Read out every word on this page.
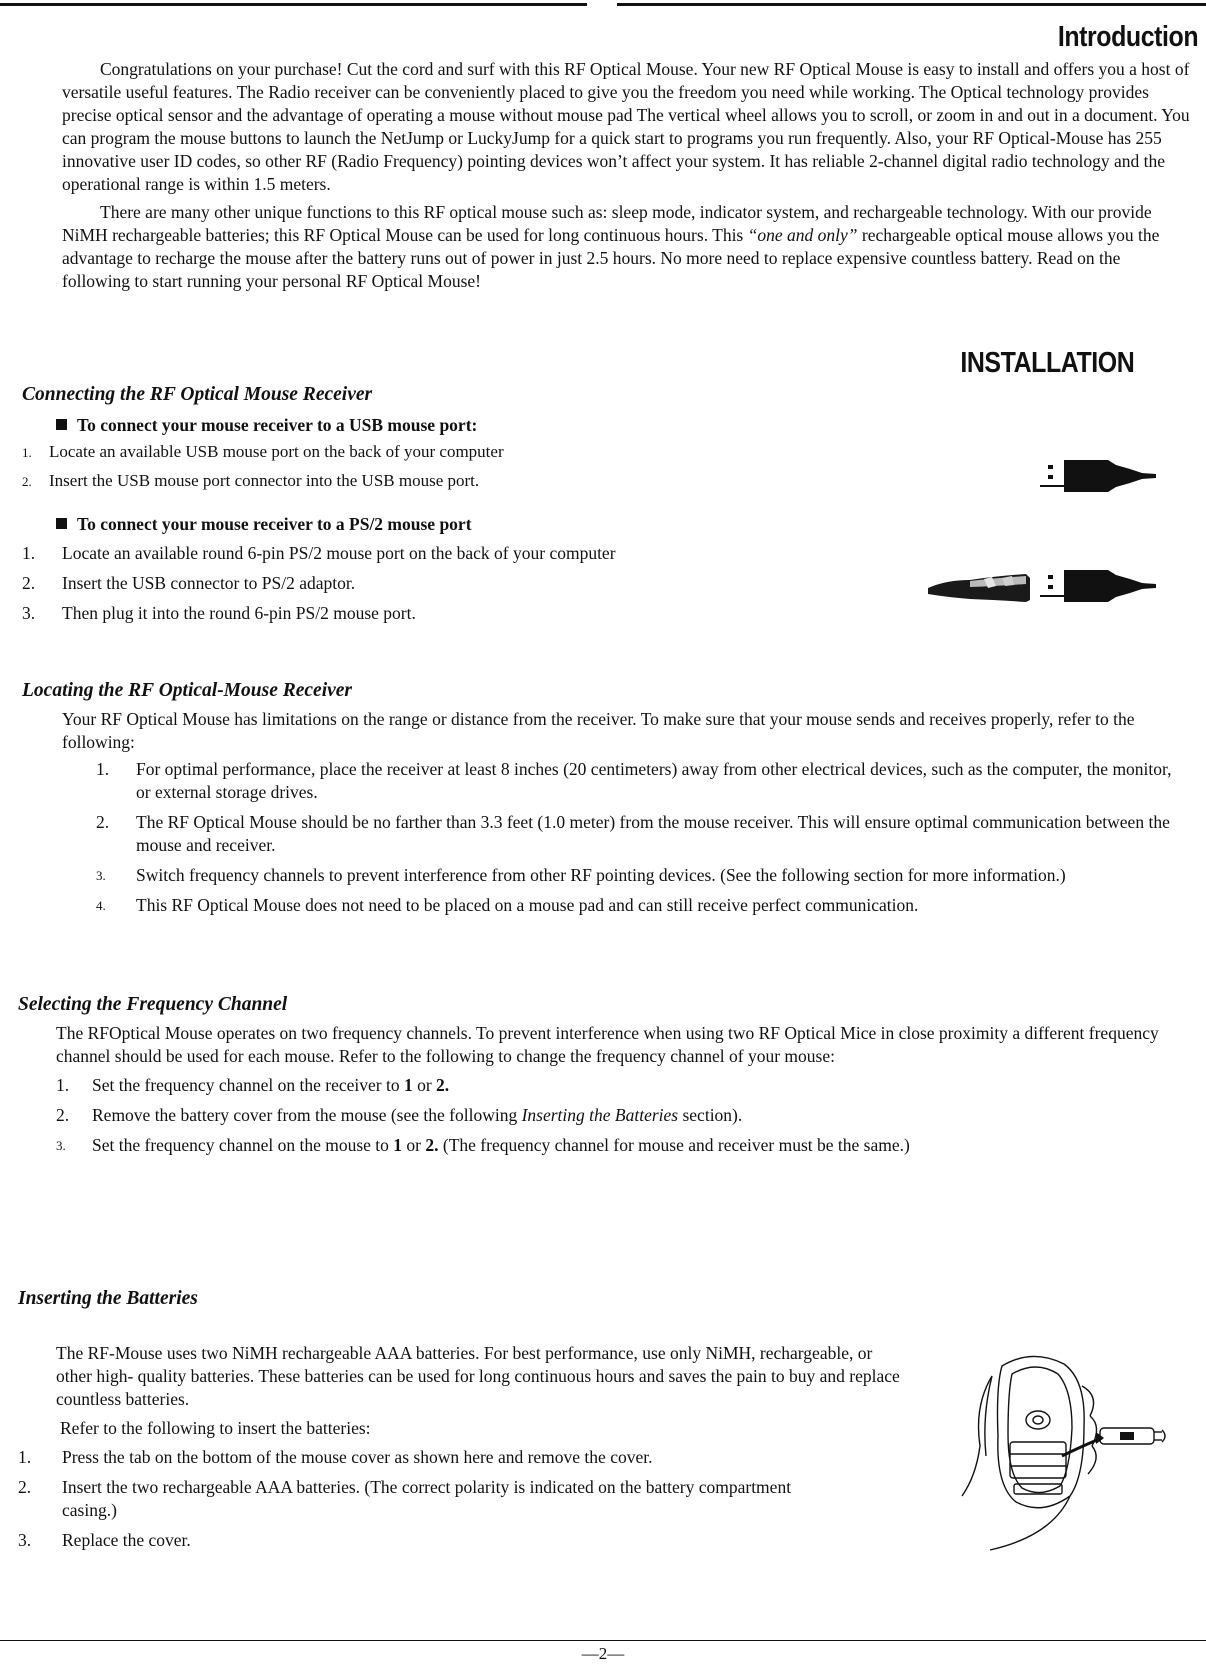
Introduction

Congratulations on your purchase! Cut the cord and surf with this RF Optical Mouse. Your new RF Optical Mouse is easy to install and offers you a host of versatile useful features. The Radio receiver can be conveniently placed to give you the freedom you need while working. The Optical technology provides precise optical sensor and the advantage of operating a mouse without mouse pad The vertical wheel allows you to scroll, or zoom in and out in a document. You can program the mouse buttons to launch the NetJump or LuckyJump for a quick start to programs you run frequently. Also, your RF Optical-Mouse has 255 innovative user ID codes, so other RF (Radio Frequency) pointing devices won’t affect your system. It has reliable 2-channel digital radio technology and the operational range is within 1.5 meters.

There are many other unique functions to this RF optical mouse such as: sleep mode, indicator system, and rechargeable technology. With our provide NiMH rechargeable batteries; this RF Optical Mouse can be used for long continuous hours. This “one and only” rechargeable optical mouse allows you the advantage to recharge the mouse after the battery runs out of power in just 2.5 hours. No more need to replace expensive countless battery. Read on the following to start running your personal RF Optical Mouse!

INSTALLATION

Connecting the RF Optical Mouse Receiver

To connect your mouse receiver to a USB mouse port:

1.	Locate an available USB mouse port on the back of your computer
2.	Insert the USB mouse port connector into the USB mouse port.

To connect your mouse receiver to a PS/2 mouse port

1.	Locate an available round 6-pin PS/2 mouse port on the back of your computer
2.	Insert the USB connector to PS/2 adaptor.
3.	Then plug it into the round 6-pin PS/2 mouse port.

Locating the RF Optical-Mouse Receiver

Your RF Optical Mouse has limitations on the range or distance from the receiver. To make sure that your mouse sends and receives properly, refer to the following:

1.	For optimal performance, place the receiver at least 8 inches (20 centimeters) away from other electrical devices, such as the computer, the monitor, or external storage drives.
2.	The RF Optical Mouse should be no farther than 3.3 feet (1.0 meter) from the mouse receiver. This will ensure optimal communication between the mouse and receiver.
3.	Switch frequency channels to prevent interference from other RF pointing devices. (See the following section for more information.)
4.	This RF Optical Mouse does not need to be placed on a mouse pad and can still receive perfect communication.

Selecting the Frequency Channel

The RFOptical Mouse operates on two frequency channels. To prevent interference when using two RF Optical Mice in close proximity a different frequency channel should be used for each mouse. Refer to the following to change the frequency channel of your mouse:

1.	Set the frequency channel on the receiver to 1 or 2.
2.	Remove the battery cover from the mouse (see the following Inserting the Batteries section).
3.	Set the frequency channel on the mouse to 1 or 2. (The frequency channel for mouse and receiver must be the same.)

Inserting the Batteries

The RF-Mouse uses two NiMH rechargeable AAA batteries. For best performance, use only NiMH, rechargeable, or other high- quality batteries. These batteries can be used for long continuous hours and saves the pain to buy and replace countless batteries.

Refer to the following to insert the batteries:

1.	Press the tab on the bottom of the mouse cover as shown here and remove the cover.
2.	Insert the two rechargeable AAA batteries. (The correct polarity is indicated on the battery compartment casing.)
3.	Replace the cover.
—2—
